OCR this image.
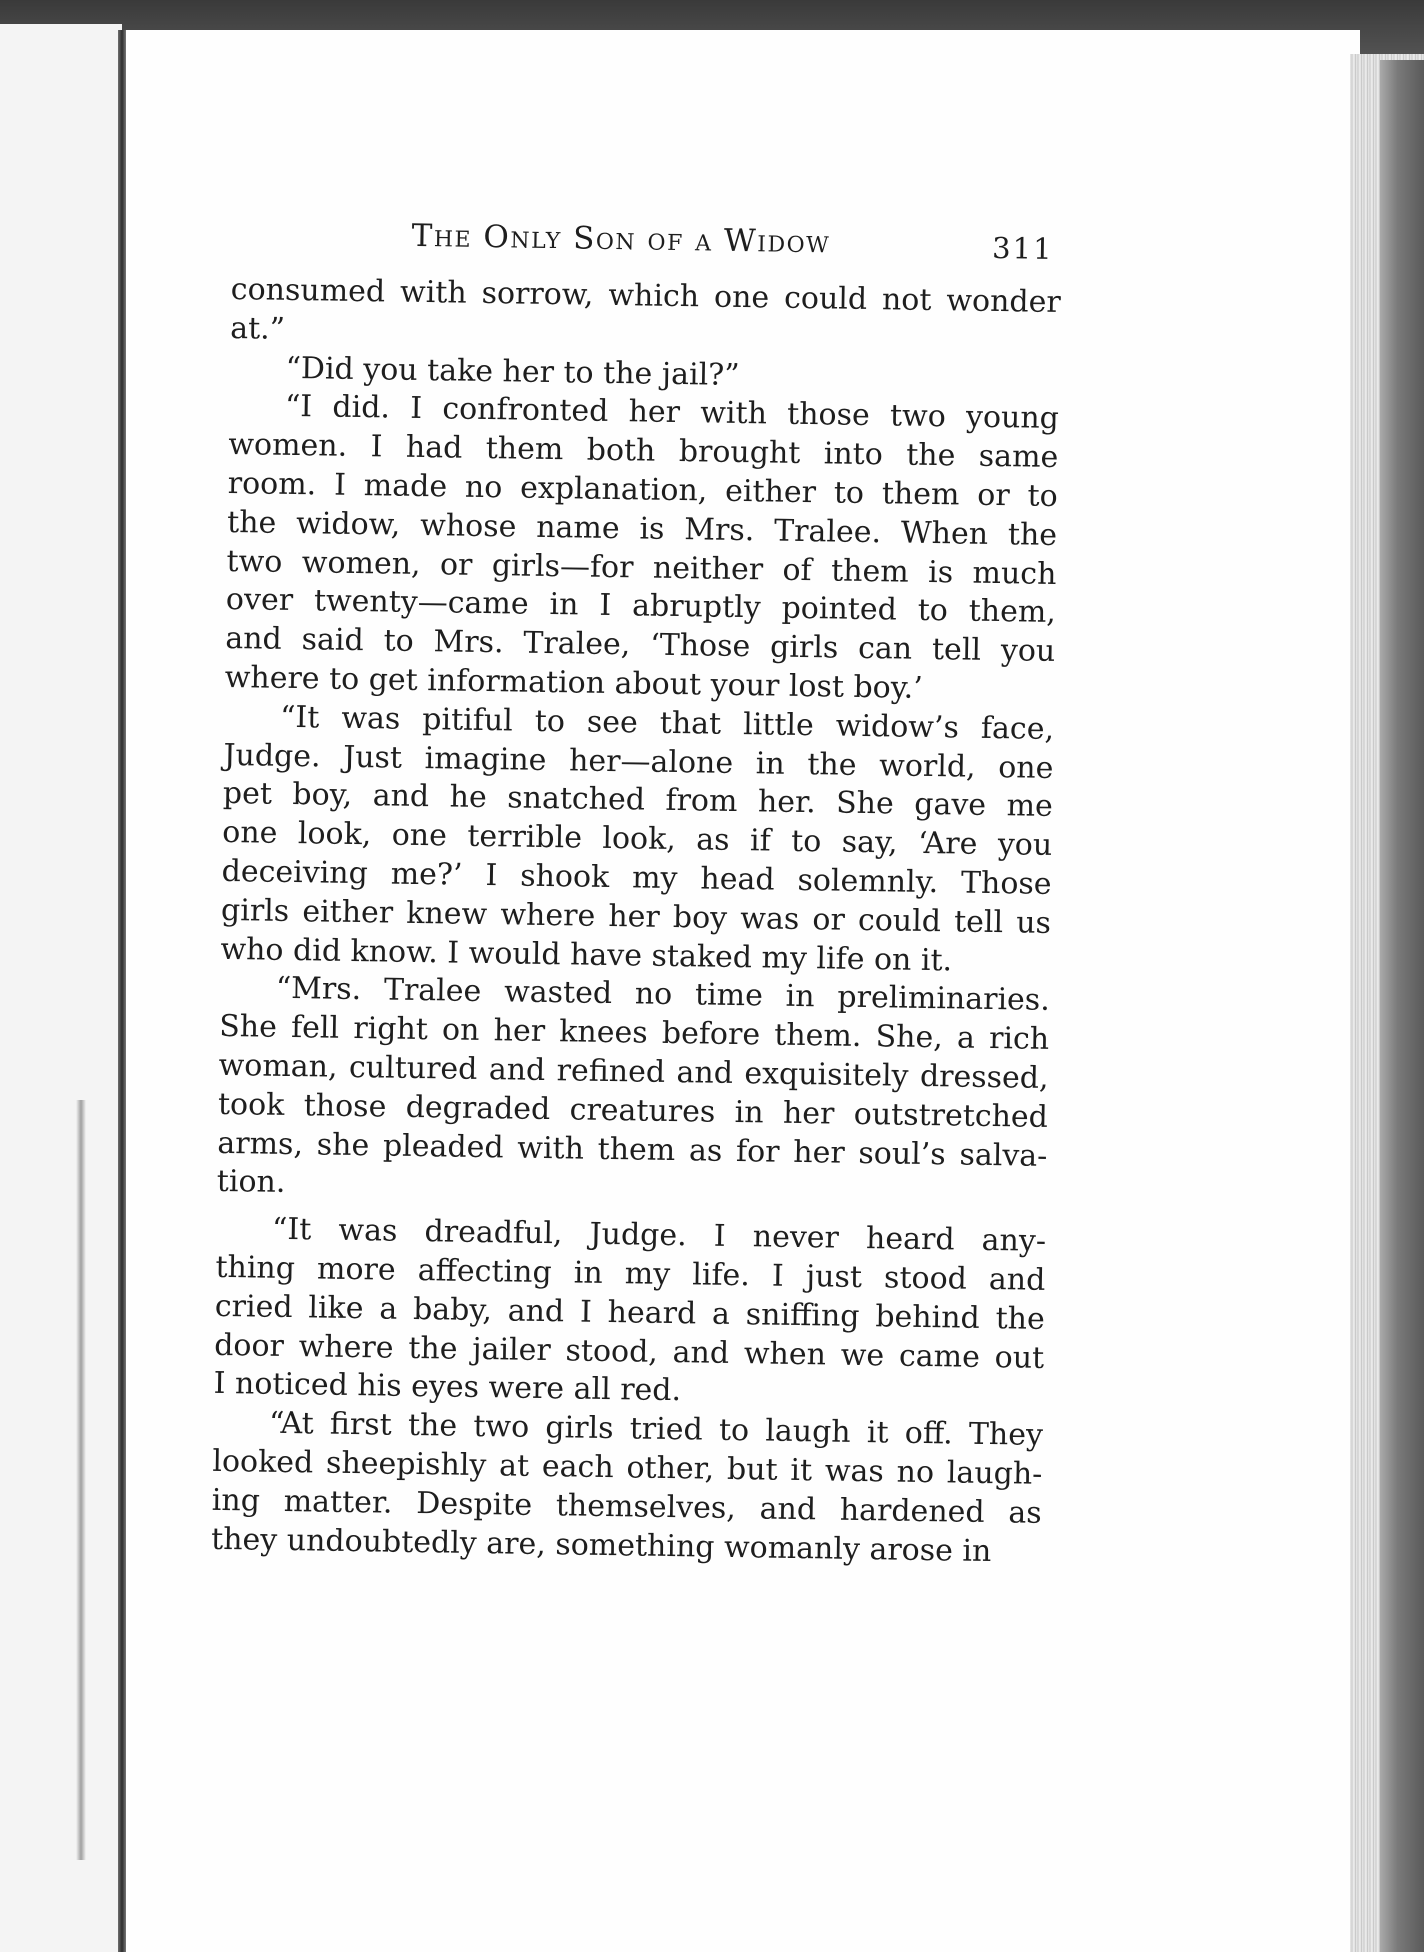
The Only Son of a Widow	311

consumed with sorrow, which one could not wonder
at.”

“Did you take her to the jail?”

“I did. I confronted her with those two young
women. I had them both brought into the same
room. I made no explanation, either to them or to
the widow, whose name is Mrs. Tralee. When the
two women, or girls—for neither of them is much
over twenty—came in I abruptly pointed to them,
and said to Mrs. Tralee, ‘Those girls can tell you
where to get information about your lost boy.’

“It was pitiful to see that little widow’s face,
Judge. Just imagine her—alone in the world, one
pet boy, and he snatched from her. She gave me
one look, one terrible look, as if to say, ‘Are you
deceiving me?’ I shook my head solemnly. Those
girls either knew where her boy was or could tell us
who did know. I would have staked my life on it.

“Mrs. Tralee wasted no time in preliminaries.
She fell right on her knees before them. She, a rich
woman, cultured and refined and exquisitely dressed,
took those degraded creatures in her outstretched
arms, she pleaded with them as for her soul’s salva-
tion.

“It was dreadful, Judge. I never heard any-
thing more affecting in my life. I just stood and
cried like a baby, and I heard a sniffing behind the
door where the jailer stood, and when we came out
I noticed his eyes were all red.

“At first the two girls tried to laugh it off. They
looked sheepishly at each other, but it was no laugh-
ing matter. Despite themselves, and hardened as
they undoubtedly are, something womanly arose in
